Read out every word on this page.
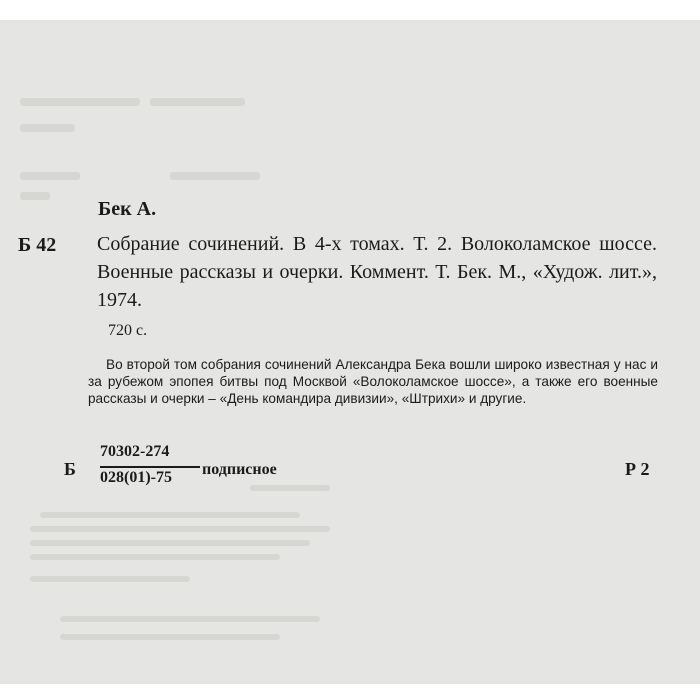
Бек А.
Б 42 Собрание сочинений. В 4-х томах. Т. 2. Волоколамское шоссе. Военные рассказы и очерки. Коммент. Т. Бек. М., «Худож. лит.», 1974.
720 с.
Во второй том собрания сочинений Александра Бека вошли широко известная у нас и за рубежом эпопея битвы под Москвой «Волоколамское шоссе», а также его военные рассказы и очерки – «День командира дивизии», «Штрихи» и другие.
Б
70302-274
028(01)-75 подписное	Р 2
